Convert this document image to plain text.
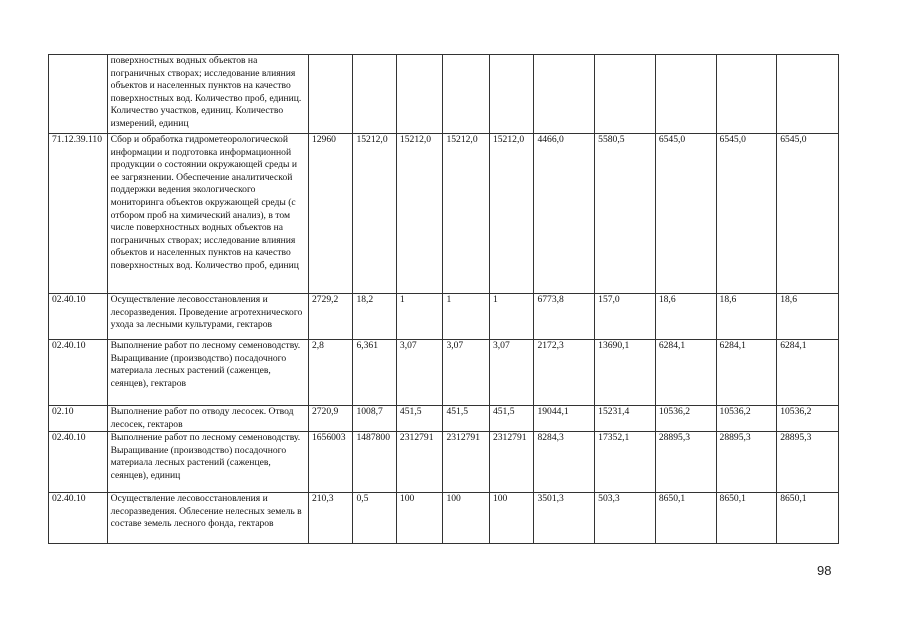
	поверхностных водных объектов на пограничных створах; исследование влияния объектов и населенных пунктов на качество поверхностных вод. Количество проб, единиц. Количество участков, единиц. Количество измерений, единиц										
71.12.39.110	Сбор и обработка гидрометеорологической информации и подготовка информационной продукции о состоянии окружающей среды и ее загрязнении. Обеспечение аналитической поддержки ведения экологического мониторинга объектов окружающей среды (с отбором проб на химический анализ), в том числе поверхностных водных объектов на пограничных створах; исследование влияния объектов и населенных пунктов на качество поверхностных вод. Количество проб, единиц	12960	15212,0	15212,0	15212,0	15212,0	4466,0	5580,5	6545,0	6545,0	6545,0
02.40.10	Осуществление лесовосстановления и лесоразведения. Проведение агротехнического ухода за лесными культурами, гектаров	2729,2	18,2	1	1	1	6773,8	157,0	18,6	18,6	18,6
02.40.10	Выполнение работ по лесному семеноводству. Выращивание (производство) посадочного материала лесных растений (саженцев, сеянцев), гектаров	2,8	6,361	3,07	3,07	3,07	2172,3	13690,1	6284,1	6284,1	6284,1
02.10	Выполнение работ по отводу лесосек. Отвод лесосек, гектаров	2720,9	1008,7	451,5	451,5	451,5	19044,1	15231,4	10536,2	10536,2	10536,2
02.40.10	Выполнение работ по лесному семеноводству. Выращивание (производство) посадочного материала лесных растений (саженцев, сеянцев), единиц	1656003	1487800	2312791	2312791	2312791	8284,3	17352,1	28895,3	28895,3	28895,3
02.40.10	Осуществление лесовосстановления и лесоразведения. Облесение нелесных земель в составе земель лесного фонда, гектаров	210,3	0,5	100	100	100	3501,3	503,3	8650,1	8650,1	8650,1
98
